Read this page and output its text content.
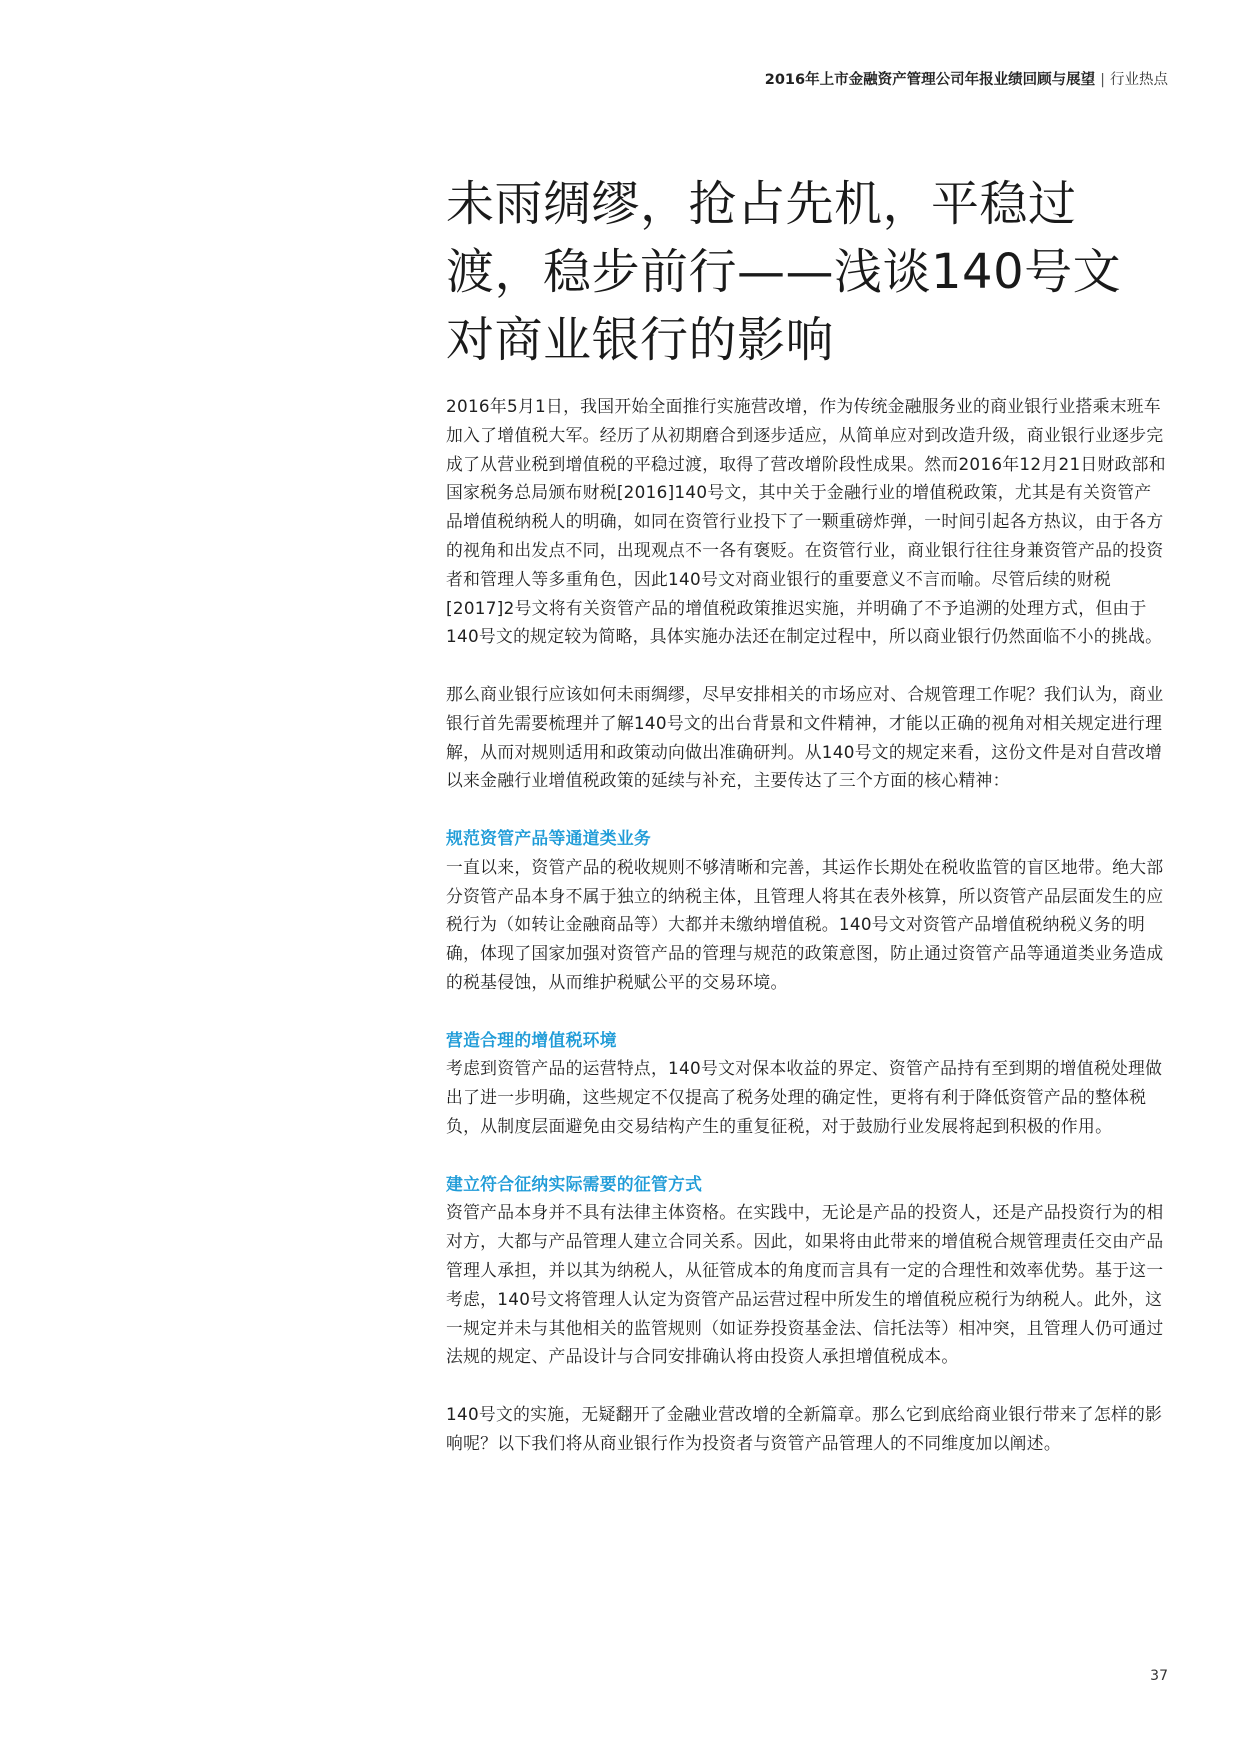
2016年上市金融资产管理公司年报业绩回顾与展望 | 行业热点
未雨绸缪，抢占先机，平稳过
渡，稳步前行——浅谈140号文
对商业银行的影响

2016年5月1日，我国开始全面推行实施营改增，作为传统金融服务业的商业银行业搭乘末班车加入了增值税大军。经历了从初期磨合到逐步适应，从简单应对到改造升级，商业银行业逐步完成了从营业税到增值税的平稳过渡，取得了营改增阶段性成果。然而2016年12月21日财政部和国家税务总局颁布财税[2016]140号文，其中关于金融行业的增值税政策，尤其是有关资管产品增值税纳税人的明确，如同在资管行业投下了一颗重磅炸弹，一时间引起各方热议，由于各方的视角和出发点不同，出现观点不一各有褒贬。在资管行业，商业银行往往身兼资管产品的投资者和管理人等多重角色，因此140号文对商业银行的重要意义不言而喻。尽管后续的财税[2017]2号文将有关资管产品的增值税政策推迟实施，并明确了不予追溯的处理方式，但由于140号文的规定较为简略，具体实施办法还在制定过程中，所以商业银行仍然面临不小的挑战。

那么商业银行应该如何未雨绸缪，尽早安排相关的市场应对、合规管理工作呢？我们认为，商业银行首先需要梳理并了解140号文的出台背景和文件精神，才能以正确的视角对相关规定进行理解，从而对规则适用和政策动向做出准确研判。从140号文的规定来看，这份文件是对自营改增以来金融行业增值税政策的延续与补充，主要传达了三个方面的核心精神：

规范资管产品等通道类业务

一直以来，资管产品的税收规则不够清晰和完善，其运作长期处在税收监管的盲区地带。绝大部分资管产品本身不属于独立的纳税主体，且管理人将其在表外核算，所以资管产品层面发生的应税行为（如转让金融商品等）大都并未缴纳增值税。140号文对资管产品增值税纳税义务的明确，体现了国家加强对资管产品的管理与规范的政策意图，防止通过资管产品等通道类业务造成的税基侵蚀，从而维护税赋公平的交易环境。

营造合理的增值税环境

考虑到资管产品的运营特点，140号文对保本收益的界定、资管产品持有至到期的增值税处理做出了进一步明确，这些规定不仅提高了税务处理的确定性，更将有利于降低资管产品的整体税负，从制度层面避免由交易结构产生的重复征税，对于鼓励行业发展将起到积极的作用。

建立符合征纳实际需要的征管方式

资管产品本身并不具有法律主体资格。在实践中，无论是产品的投资人，还是产品投资行为的相对方，大都与产品管理人建立合同关系。因此，如果将由此带来的增值税合规管理责任交由产品管理人承担，并以其为纳税人，从征管成本的角度而言具有一定的合理性和效率优势。基于这一考虑，140号文将管理人认定为资管产品运营过程中所发生的增值税应税行为纳税人。此外，这一规定并未与其他相关的监管规则（如证券投资基金法、信托法等）相冲突，且管理人仍可通过法规的规定、产品设计与合同安排确认将由投资人承担增值税成本。

140号文的实施，无疑翻开了金融业营改增的全新篇章。那么它到底给商业银行带来了怎样的影响呢？以下我们将从商业银行作为投资者与资管产品管理人的不同维度加以阐述。

37
